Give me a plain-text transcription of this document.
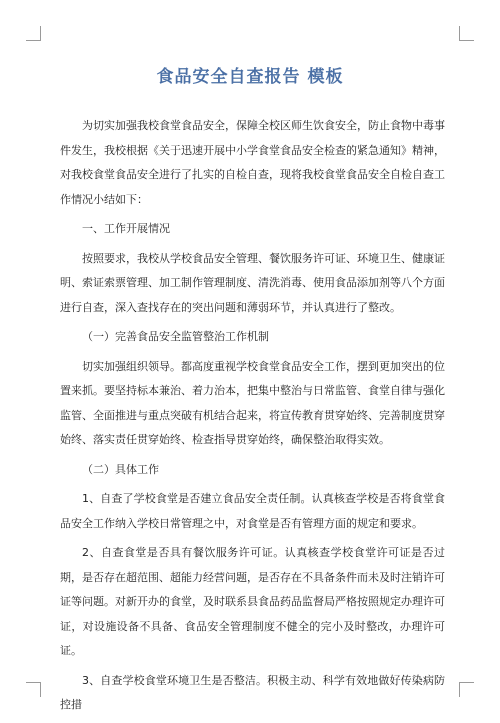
食品安全自查报告 模板

为切实加强我校食堂食品安全，保障全校区师生饮食安全，防止食物中毒事件发生，我校根据《关于迅速开展中小学食堂食品安全检查的紧急通知》精神，对我校食堂食品安全进行了扎实的自检自查，现将我校食堂食品安全自检自查工作情况小结如下：

一、工作开展情况

按照要求，我校从学校食品安全管理、餐饮服务许可证、环境卫生、健康证明、索证索票管理、加工制作管理制度、清洗消毒、使用食品添加剂等八个方面进行自查，深入查找存在的突出问题和薄弱环节，并认真进行了整改。

（一）完善食品安全监管整治工作机制

切实加强组织领导。都高度重视学校食堂食品安全工作，摆到更加突出的位置来抓。要坚持标本兼治、着力治本，把集中整治与日常监管、食堂自律与强化监管、全面推进与重点突破有机结合起来，将宣传教育贯穿始终、完善制度贯穿始终、落实责任贯穿始终、检查指导贯穿始终，确保整治取得实效。

（二）具体工作

1、自查了学校食堂是否建立食品安全责任制。认真核查学校是否将食堂食品安全工作纳入学校日常管理之中，对食堂是否有管理方面的规定和要求。

2、自查食堂是否具有餐饮服务许可证。认真核查学校食堂许可证是否过期，是否存在超范围、超能力经营问题，是否存在不具备条件而未及时注销许可证等问题。对新开办的食堂，及时联系县食品药品监督局严格按照规定办理许可证，对设施设备不具备、食品安全管理制度不健全的完小及时整改，办理许可证。

3、自查学校食堂环境卫生是否整洁。积极主动、科学有效地做好传染病防控措
